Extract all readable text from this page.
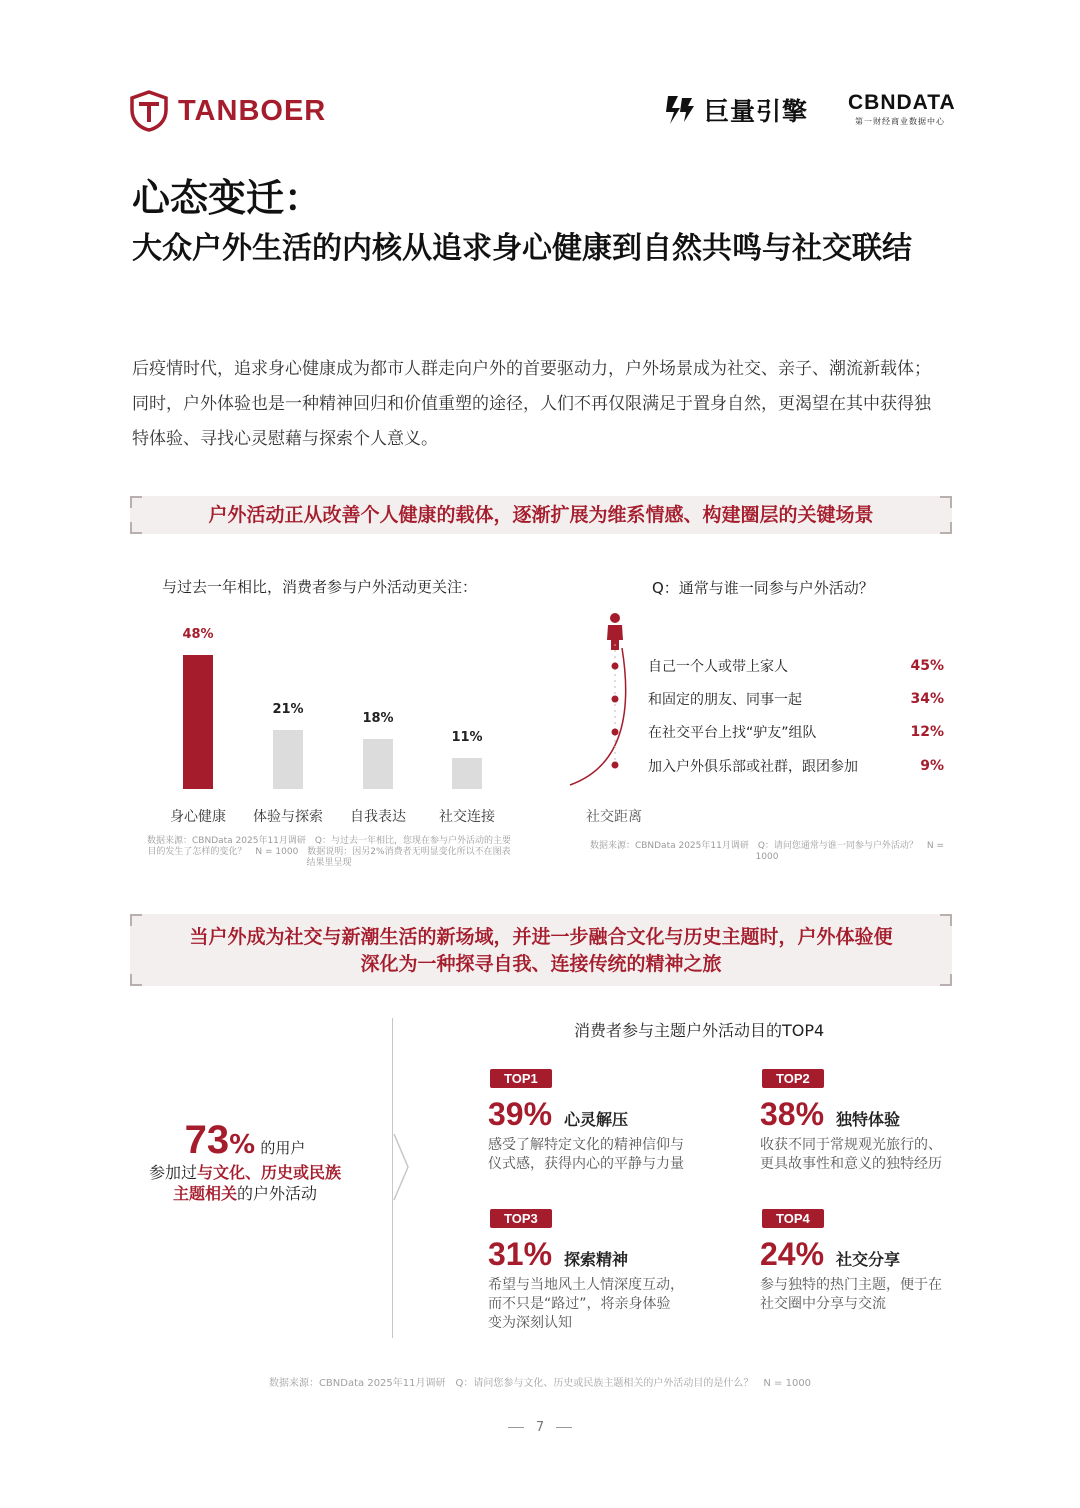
TANBOER	巨量引擎 CBNDATA
第一财经商业数据中心
心态变迁：
大众户外生活的内核从追求身心健康到自然共鸣与社交联结
后疫情时代，追求身心健康成为都市人群走向户外的首要驱动力，户外场景成为社交、亲子、潮流新载体；同时，户外体验也是一种精神回归和价值重塑的途径，人们不再仅限满足于置身自然，更渴望在其中获得独特体验、寻找心灵慰藉与探索个人意义。
户外活动正从改善个人健康的载体，逐渐扩展为维系情感、构建圈层的关键场景
与过去一年相比，消费者参与户外活动更关注：
48%
身心健康
21%
体验与探索
18%
自我表达
11%
社交连接
数据来源：CBNData 2025年11月调研　Q：与过去一年相比，您现在参与户外活动的主要目的发生了怎样的变化？　N = 1000　数据说明：因另2%消费者无明显变化所以不在图表结果里呈现
Q：通常与谁一同参与户外活动？
自己一个人或带上家人	45%
和固定的朋友、同事一起	34%
在社交平台上找“驴友”组队	12%
加入户外俱乐部或社群，跟团参加	9%
社交距离
数据来源：CBNData 2025年11月调研　Q：请问您通常与谁一同参与户外活动？　N = 1000
当户外成为社交与新潮生活的新场域，并进一步融合文化与历史主题时，户外体验便
深化为一种探寻自我、连接传统的精神之旅
73% 的用户
参加过与文化、历史或民族
主题相关的户外活动
消费者参与主题户外活动目的TOP4
TOP1
39% 心灵解压
感受了解特定文化的精神信仰与
仪式感，获得内心的平静与力量
TOP2
38% 独特体验
收获不同于常规观光旅行的、
更具故事性和意义的独特经历
TOP3
31% 探索精神
希望与当地风土人情深度互动，
而不只是“路过”，将亲身体验
变为深刻认知
TOP4
24% 社交分享
参与独特的热门主题，便于在
社交圈中分享与交流
数据来源：CBNData 2025年11月调研　Q：请问您参与文化、历史或民族主题相关的户外活动目的是什么？　N = 1000
7
